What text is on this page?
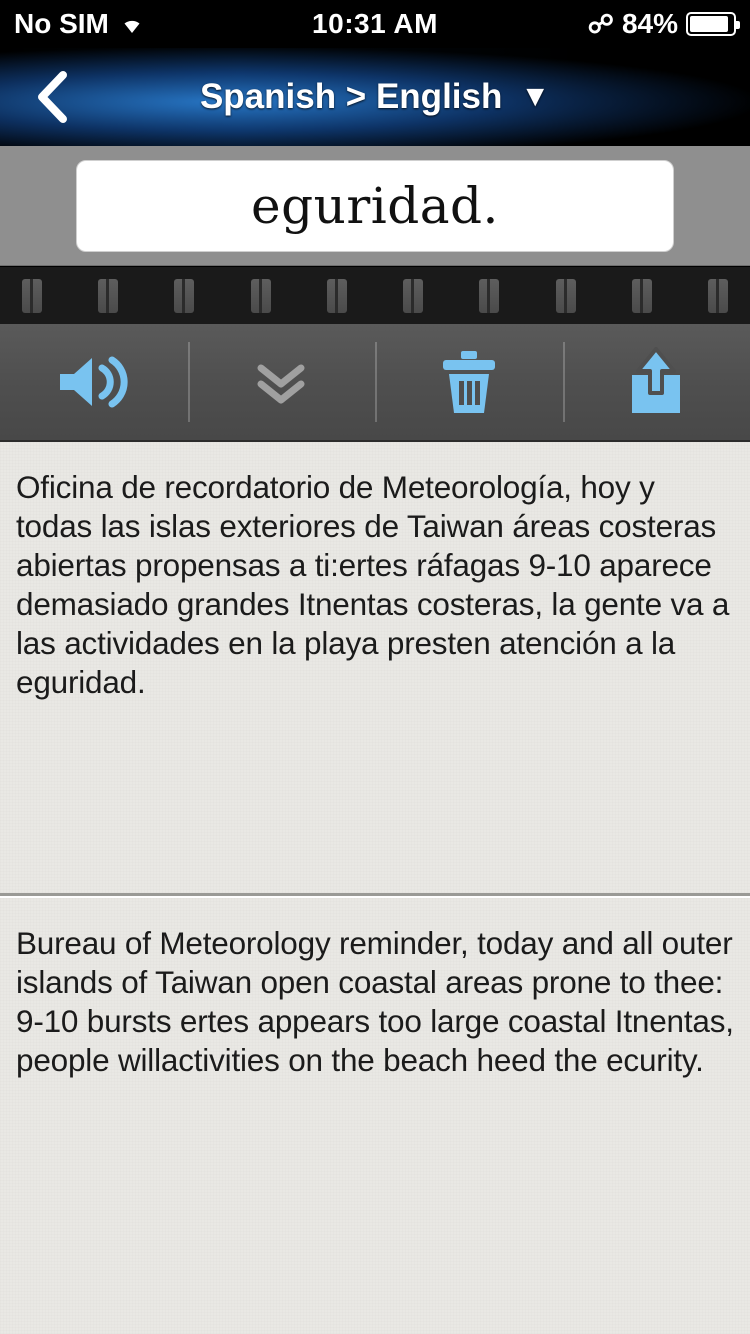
No SIM	10:31 AM	☍ 84%
Spanish > English ▼
eguridad.
Oficina de recordatorio de Meteorología, hoy y todas las islas exteriores de Taiwan áreas costeras abiertas propensas a ti:ertes ráfagas 9-10 aparece demasiado grandes Itnentas costeras, la gente va a las actividades en la playa presten atención a la eguridad.
Bureau of Meteorology reminder, today and all outer islands of Taiwan open coastal areas prone to thee: 9-10 bursts ertes appears too large coastal Itnentas, people willactivities on the beach heed the ecurity.
